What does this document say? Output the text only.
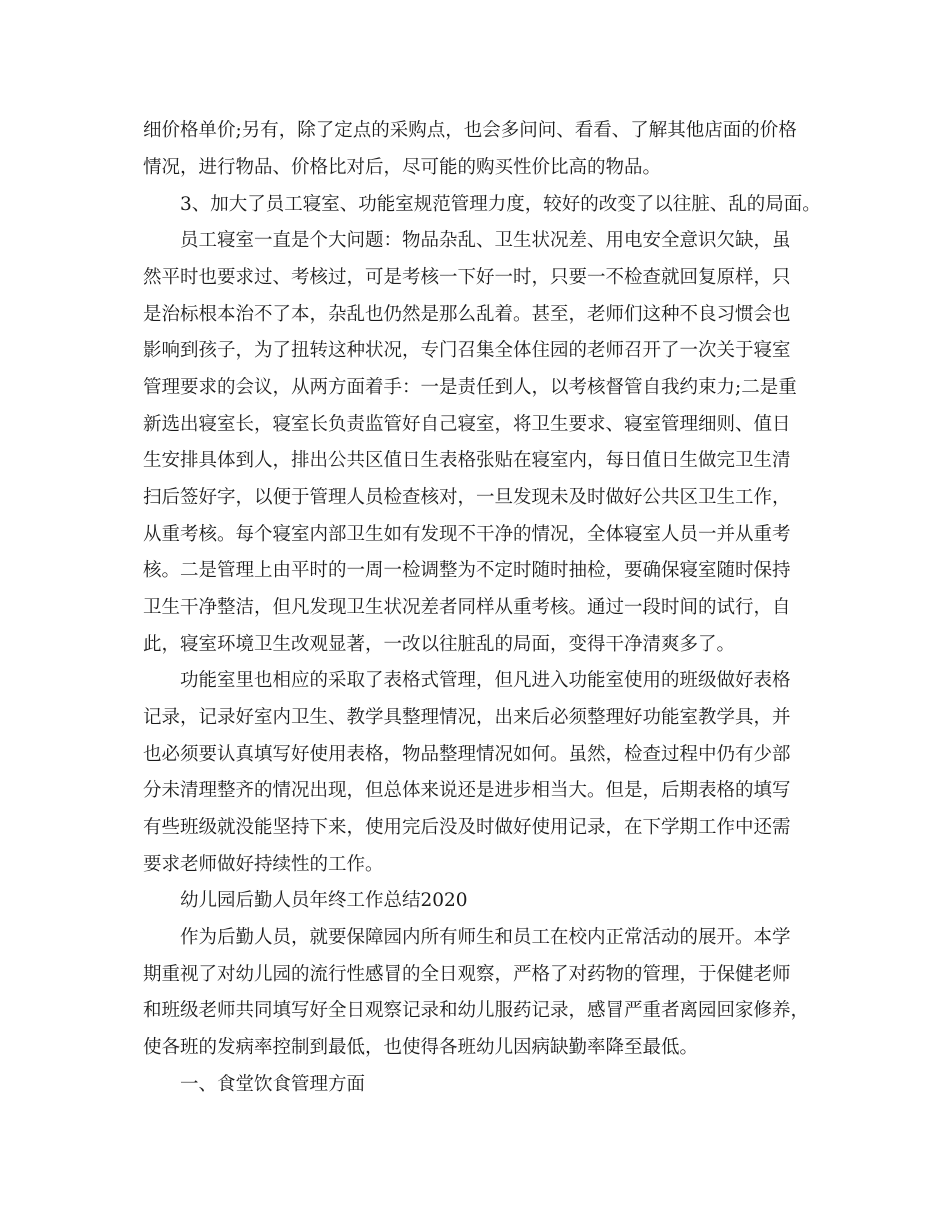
细价格单价;另有，除了定点的采购点，也会多问问、看看、了解其他店面的价格
情况，进行物品、价格比对后，尽可能的购买性价比高的物品。
3、加大了员工寝室、功能室规范管理力度，较好的改变了以往脏、乱的局面。
员工寝室一直是个大问题：物品杂乱、卫生状况差、用电安全意识欠缺，虽
然平时也要求过、考核过，可是考核一下好一时，只要一不检查就回复原样，只
是治标根本治不了本，杂乱也仍然是那么乱着。甚至，老师们这种不良习惯会也
影响到孩子，为了扭转这种状况，专门召集全体住园的老师召开了一次关于寝室
管理要求的会议，从两方面着手：一是责任到人，以考核督管自我约束力;二是重
新选出寝室长，寝室长负责监管好自己寝室，将卫生要求、寝室管理细则、值日
生安排具体到人，排出公共区值日生表格张贴在寝室内，每日值日生做完卫生清
扫后签好字，以便于管理人员检查核对，一旦发现未及时做好公共区卫生工作，
从重考核。每个寝室内部卫生如有发现不干净的情况，全体寝室人员一并从重考
核。二是管理上由平时的一周一检调整为不定时随时抽检，要确保寝室随时保持
卫生干净整洁，但凡发现卫生状况差者同样从重考核。通过一段时间的试行，自
此，寝室环境卫生改观显著，一改以往脏乱的局面，变得干净清爽多了。
功能室里也相应的采取了表格式管理，但凡进入功能室使用的班级做好表格
记录，记录好室内卫生、教学具整理情况，出来后必须整理好功能室教学具，并
也必须要认真填写好使用表格，物品整理情况如何。虽然，检查过程中仍有少部
分未清理整齐的情况出现，但总体来说还是进步相当大。但是，后期表格的填写
有些班级就没能坚持下来，使用完后没及时做好使用记录，在下学期工作中还需
要求老师做好持续性的工作。
幼儿园后勤人员年终工作总结2020
作为后勤人员，就要保障园内所有师生和员工在校内正常活动的展开。本学
期重视了对幼儿园的流行性感冒的全日观察，严格了对药物的管理，于保健老师
和班级老师共同填写好全日观察记录和幼儿服药记录，感冒严重者离园回家修养，
使各班的发病率控制到最低，也使得各班幼儿因病缺勤率降至最低。
一、食堂饮食管理方面
